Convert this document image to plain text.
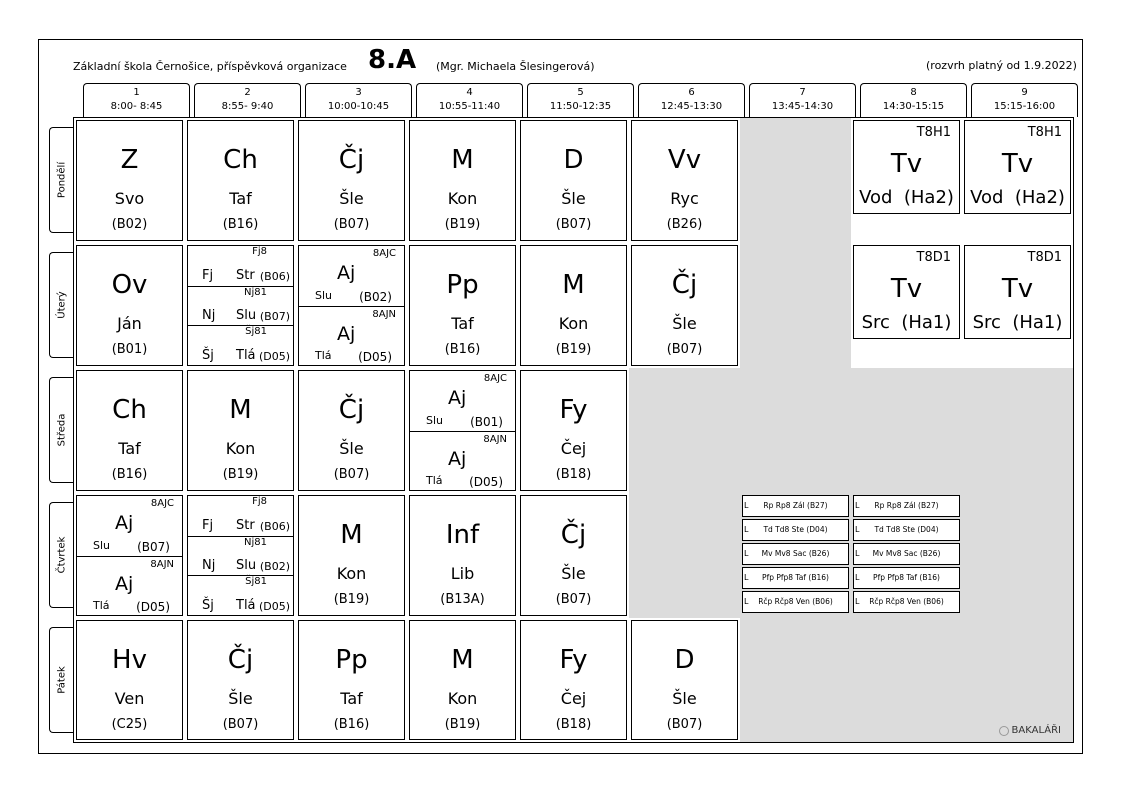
Základní škola Černošice, příspěvková organizace 8.A (Mgr. Michaela Šlesingerová)	(rozvrh platný od 1.9.2022)
1
8:00- 8:45
2
8:55- 9:40
3
10:00-10:45
4
10:55-11:40
5
11:50-12:35
6
12:45-13:30
7
13:45-14:30
8
14:30-15:15
9
15:15-16:00
Pondělí
Úterý
Středa
Čtvrtek
Pátek
Z
Svo
(B02)
Ch
Taf
(B16)
Čj
Šle
(B07)
M
Kon
(B19)
D
Šle
(B07)
Vv
Ryc
(B26)
T8H1
Tv
Vod  (Ha2)
T8H1
Tv
Vod  (Ha2)
Ov
Ján
(B01)
Fj8
Fj Str (B06)
Nj81
Nj Slu (B07)
Šj81
Šj Tlá (D05)
8AJC
Aj
Slu (B02)
8AJN
Aj
Tlá (D05)
Pp
Taf
(B16)
M
Kon
(B19)
Čj
Šle
(B07)
T8D1
Tv
Src  (Ha1)
T8D1
Tv
Src  (Ha1)
Ch
Taf
(B16)
M
Kon
(B19)
Čj
Šle
(B07)
8AJC
Aj
Slu (B01)
8AJN
Aj
Tlá (D05)
Fy
Čej
(B18)
8AJC
Aj
Slu (B07)
8AJN
Aj
Tlá (D05)
Fj8
Fj Str (B06)
Nj81
Nj Slu (B02)
Šj81
Šj Tlá (D05)
M
Kon
(B19)
Inf
Lib
(B13A)
Čj
Šle
(B07)
L Rp Rp8 Zál (B27)
L Td Td8 Ste (D04)
L Mv Mv8 Sac (B26)
L Pfp Pfp8 Taf (B16)
L Rčp Rčp8 Ven (B06)
L Rp Rp8 Zál (B27)
L Td Td8 Ste (D04)
L Mv Mv8 Sac (B26)
L Pfp Pfp8 Taf (B16)
L Rčp Rčp8 Ven (B06)
Hv
Ven
(C25)
Čj
Šle
(B07)
Pp
Taf
(B16)
M
Kon
(B19)
Fy
Čej
(B18)
D
Šle
(B07)	BAKALÁŘI
